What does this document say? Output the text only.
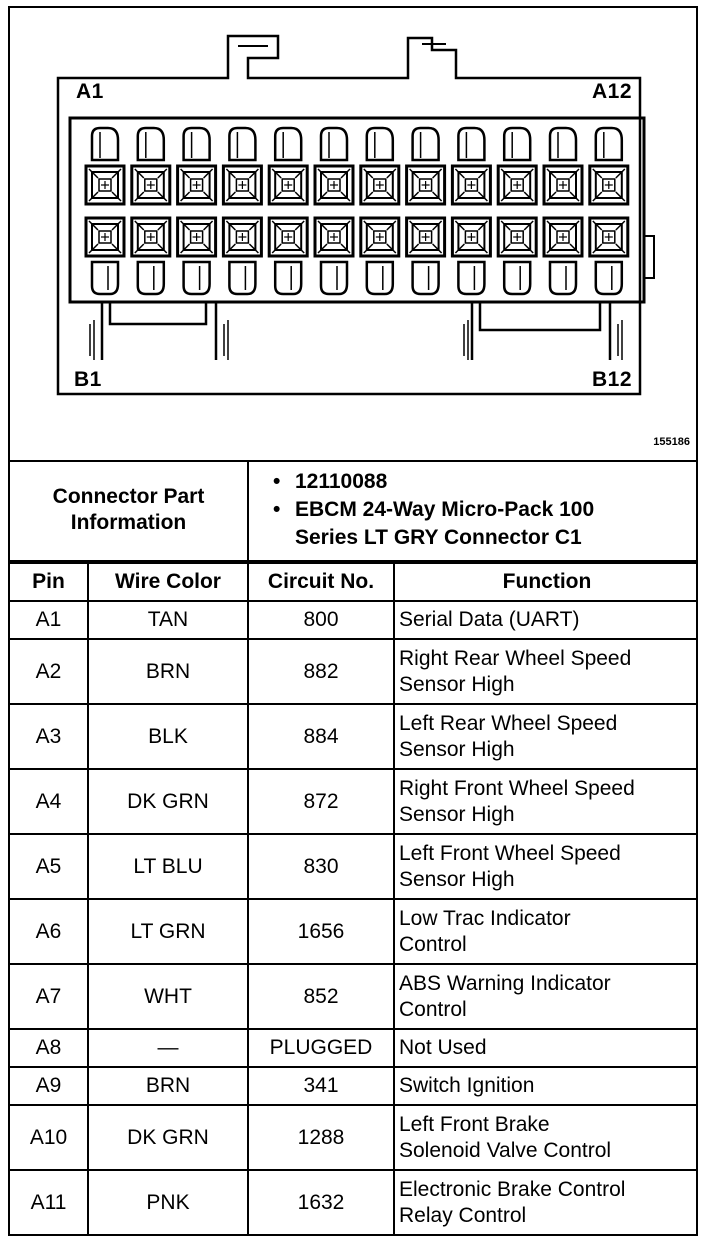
A1	A12
B1	B12
155186
Connector Part
Information

• 12110088
• EBCM 24-Way Micro-Pack 100
Series LT GRY Connector C1
Pin	Wire Color	Circuit No.	Function
A1	TAN	800	Serial Data (UART)

A2	BRN	882	Right Rear Wheel Speed
Sensor High

A3	BLK	884	Left Rear Wheel Speed
Sensor High

A4	DK GRN	872	Right Front Wheel Speed
Sensor High

A5	LT BLU	830	Left Front Wheel Speed
Sensor High

A6	LT GRN	1656	Low Trac Indicator
Control

A7	WHT	852	ABS Warning Indicator
Control

A8	—	PLUGGED	Not Used

A9	BRN	341	Switch Ignition

A10	DK GRN	1288	Left Front Brake
Solenoid Valve Control

A11	PNK	1632	Electronic Brake Control
Relay Control
